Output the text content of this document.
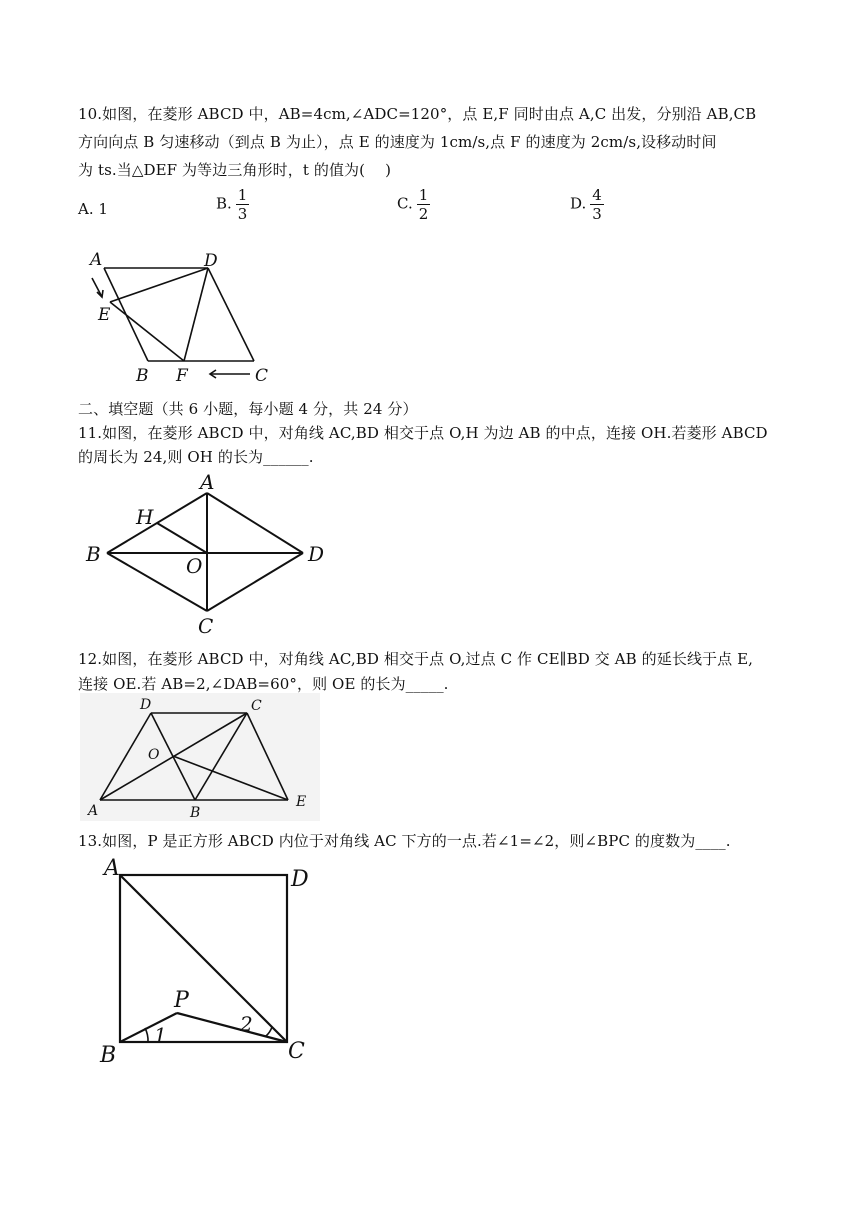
10.如图，在菱形 ABCD 中，AB=4cm,∠ADC=120°，点 E,F 同时由点 A,C 出发，分别沿 AB,CB
方向向点 B 匀速移动（到点 B 为止），点 E 的速度为 1cm/s,点 F 的速度为 2cm/s,设移动时间
为 ts.当△DEF 为等边三角形时，t 的值为(　 )
A. 1	B. $\frac{1}{3}$	C. $\frac{1}{2}$	D. $\frac{4}{3}$
A	D
E
B F	C
二、填空题（共 6 小题，每小题 4 分，共 24 分）
11.如图，在菱形 ABCD 中，对角线 AC,BD 相交于点 O,H 为边 AB 的中点，连接 OH.若菱形 ABCD
的周长为 24,则 OH 的长为______.
A
H
B	O	D
C
12.如图，在菱形 ABCD 中，对角线 AC,BD 相交于点 O,过点 C 作 CE∥BD 交 AB 的延长线于点 E,
连接 OE.若 AB=2,∠DAB=60°，则 OE 的长为_____.
D	C
O
A	B
E
13.如图，P 是正方形 ABCD 内位于对角线 AC 下方的一点.若∠1=∠2，则∠BPC 的度数为____.
A	D
P
B	C
1	2
